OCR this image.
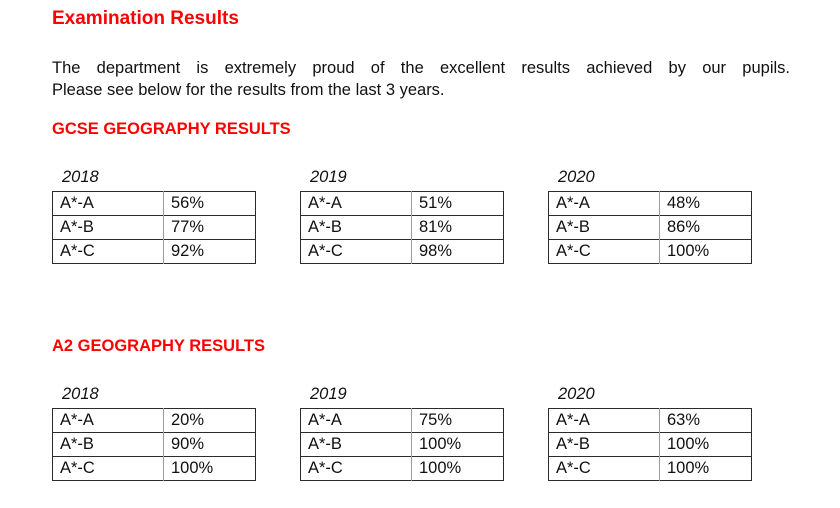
Examination Results

The department is extremely proud of the excellent results achieved by our pupils.

Please see below for the results from the last 3 years.

GCSE GEOGRAPHY RESULTS
2018
A*-A	56%
A*-B	77%
A*-C	92%
2019
A*-A	51%
A*-B	81%
A*-C	98%
2020
A*-A	48%
A*-B	86%
A*-C	100%
A2 GEOGRAPHY RESULTS
2018
A*-A	20%
A*-B	90%
A*-C	100%
2019
A*-A	75%
A*-B	100%
A*-C	100%
2020
A*-A	63%
A*-B	100%
A*-C	100%
